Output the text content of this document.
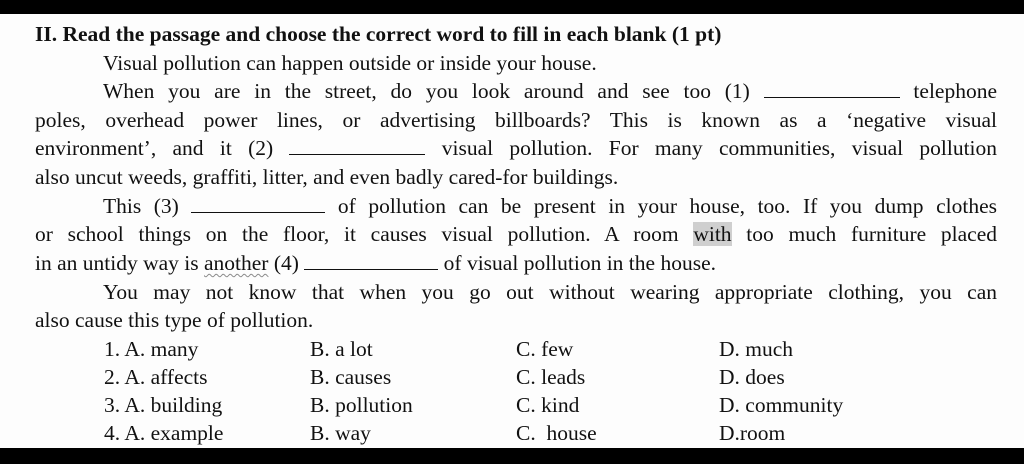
II. Read the passage and choose the correct word to fill in each blank (1 pt)
Visual pollution can happen outside or inside your house.
When you are in the street, do you look around and see too (1)	telephone
poles, overhead power lines, or advertising billboards? This is known as a ‘negative visual
environment’, and it (2)	visual pollution. For many communities, visual pollution
also uncut weeds, graffiti, litter, and even badly cared-for buildings.
This (3)	of pollution can be present in your house, too. If you dump clothes
or school things on the floor, it causes visual pollution. A room with too much furniture placed
in an untidy way is another (4)	of visual pollution in the house.
You may not know that when you go out without wearing appropriate clothing, you can
also cause this type of pollution.
1. A. many	B. a lot	C. few	D. much
2. A. affects	B. causes	C. leads	D. does
3. A. building	B. pollution	C. kind	D. community
4. A. example	B. way	C.  house	D.room
